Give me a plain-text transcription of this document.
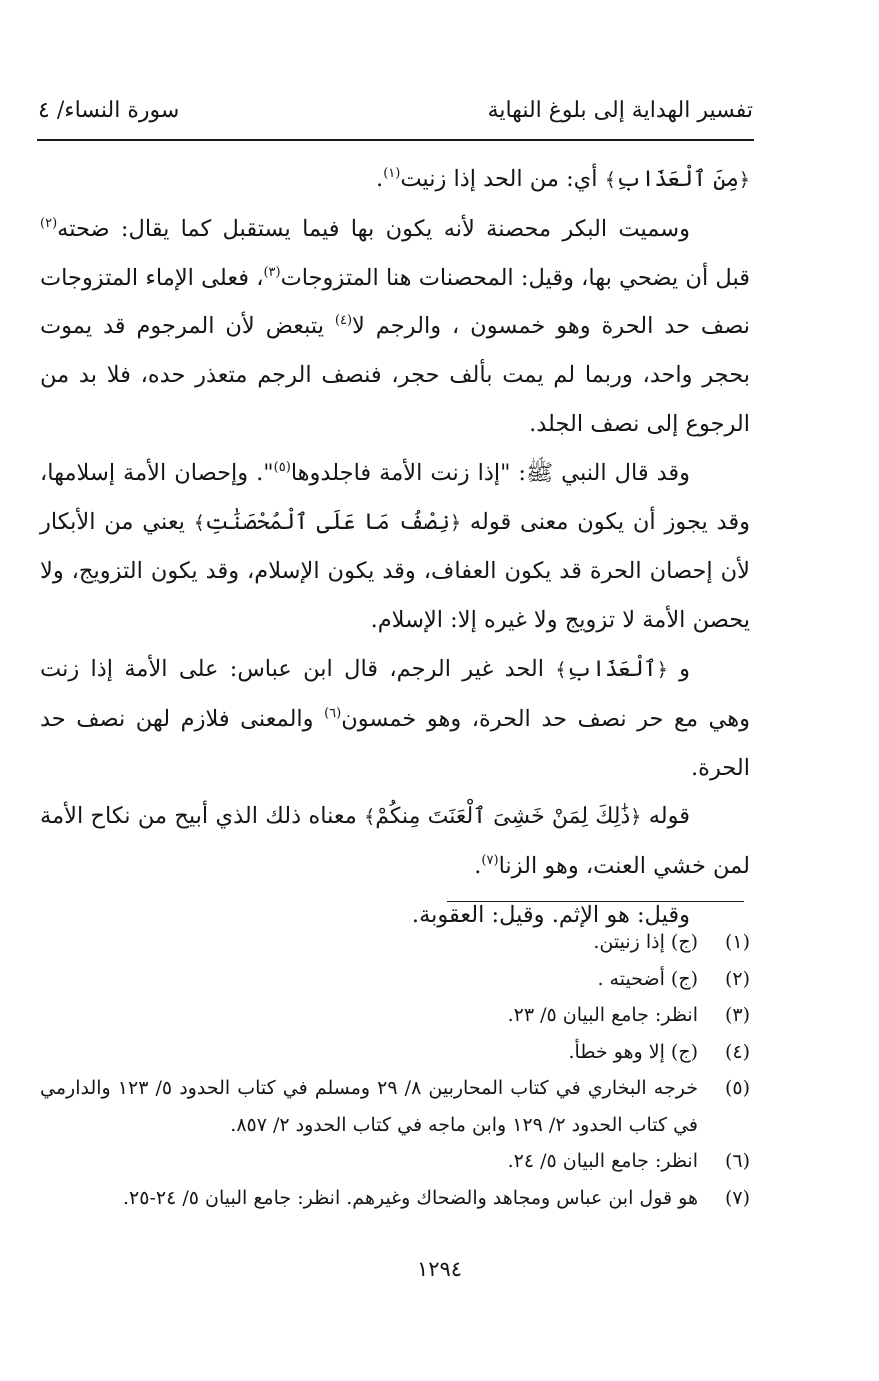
تفسير الهداية إلى بلوغ النهاية
سورة النساء/ ٤

﴿مِنَ ٱلْعَذَابِ﴾ أي: من الحد إذا زنيت$^{(١)}$.

وسميت البكر محصنة لأنه يكون بها فيما يستقبل كما يقال: ضحته$^{(٢)}$ قبل أن يضحي بها، وقيل: المحصنات هنا المتزوجات$^{(٣)}$، فعلى الإماء المتزوجات نصف حد الحرة وهو خمسون ، والرجم لا$^{(٤)}$ يتبعض لأن المرجوم قد يموت بحجر واحد، وربما لم يمت بألف حجر، فنصف الرجم متعذر حده، فلا بد من الرجوع إلى نصف الجلد.

وقد قال النبي ﷺ: "إذا زنت الأمة فاجلدوها$^{(٥)}$". وإحصان الأمة إسلامها، وقد يجوز أن يكون معنى قوله ﴿نِصْفُ مَا عَلَى ٱلْمُحْصَنَٰتِ﴾ يعني من الأبكار لأن إحصان الحرة قد يكون العفاف، وقد يكون الإسلام، وقد يكون التزويج، ولا يحصن الأمة لا تزويج ولا غيره إلا: الإسلام.

و ﴿ٱلْعَذَابِ﴾ الحد غير الرجم، قال ابن عباس: على الأمة إذا زنت وهي مع حر نصف حد الحرة، وهو خمسون$^{(٦)}$ والمعنى فلازم لهن نصف حد الحرة.

قوله ﴿ذَٰلِكَ لِمَنْ خَشِىَ ٱلْعَنَتَ مِنكُمْ﴾ معناه ذلك الذي أبيح من نكاح الأمة لمن خشي العنت، وهو الزنا$^{(٧)}$.

وقيل: هو الإثم. وقيل: العقوبة.

(١)
(ج) إذا زنيتن.
(٢)
(ج) أضحيته .
(٣)
انظر: جامع البيان ٥/ ٢٣.
(٤)
(ج) إلا وهو خطأ.
(٥)
خرجه البخاري في كتاب المحاربين ٨/ ٢٩ ومسلم في كتاب الحدود ٥/ ١٢٣ والدارمي في كتاب الحدود ٢/ ١٢٩ وابن ماجه في كتاب الحدود ٢/ ٨٥٧.
(٦)
انظر: جامع البيان ٥/ ٢٤.
(٧)
هو قول ابن عباس ومجاهد والضحاك وغيرهم. انظر: جامع البيان ٥/ ٢٤-٢٥.
١٢٩٤
